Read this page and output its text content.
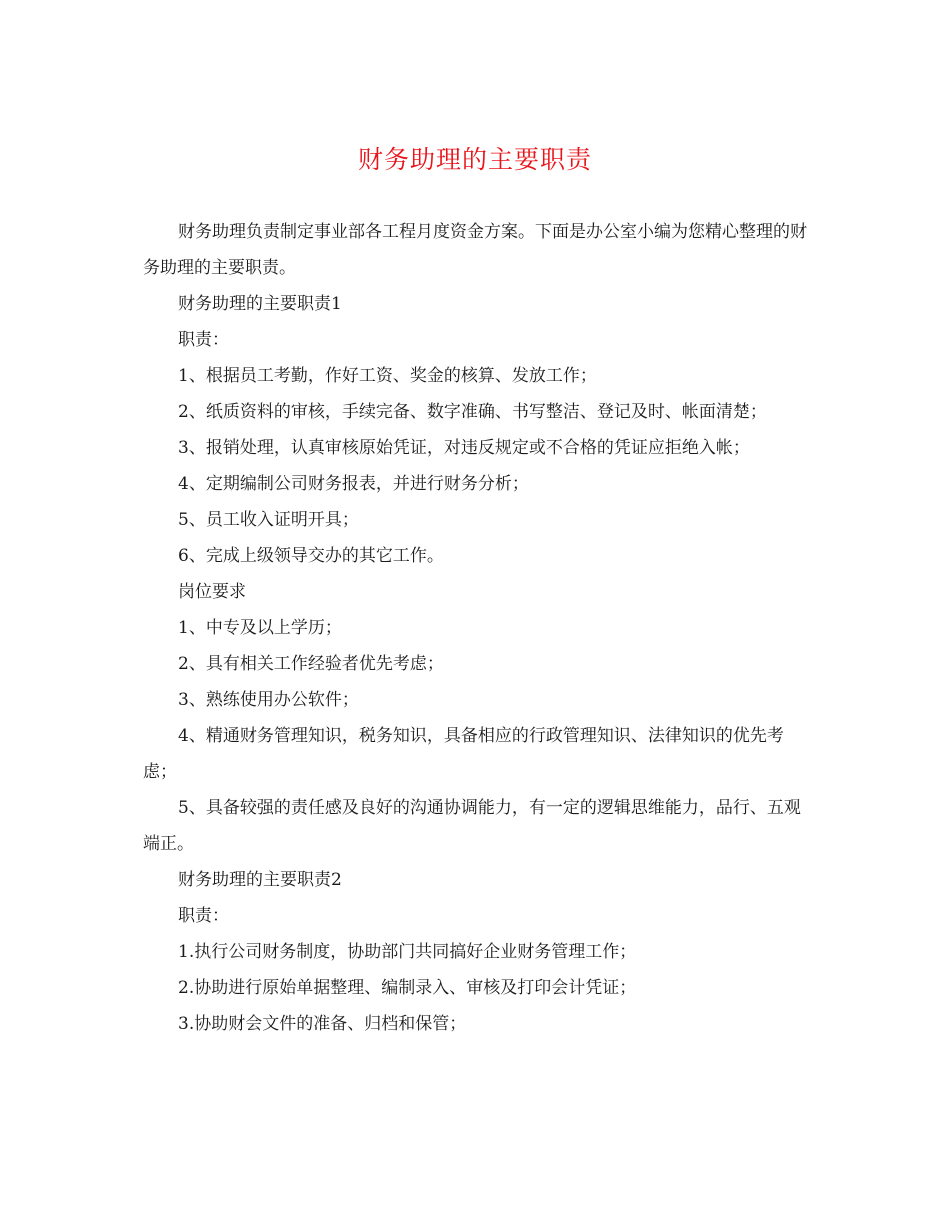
财务助理的主要职责

财务助理负责制定事业部各工程月度资金方案。下面是办公室小编为您精心整理的财务助理的主要职责。

财务助理的主要职责1

职责：

1、根据员工考勤，作好工资、奖金的核算、发放工作；

2、纸质资料的审核，手续完备、数字准确、书写整洁、登记及时、帐面清楚；

3、报销处理，认真审核原始凭证，对违反规定或不合格的凭证应拒绝入帐；

4、定期编制公司财务报表，并进行财务分析；

5、员工收入证明开具；

6、完成上级领导交办的其它工作。

岗位要求

1、中专及以上学历；

2、具有相关工作经验者优先考虑；

3、熟练使用办公软件；

4、精通财务管理知识，税务知识，具备相应的行政管理知识、法律知识的优先考虑；

5、具备较强的责任感及良好的沟通协调能力，有一定的逻辑思维能力，品行、五观端正。

财务助理的主要职责2

职责：

1.执行公司财务制度，协助部门共同搞好企业财务管理工作；

2.协助进行原始单据整理、编制录入、审核及打印会计凭证；

3.协助财会文件的准备、归档和保管；
